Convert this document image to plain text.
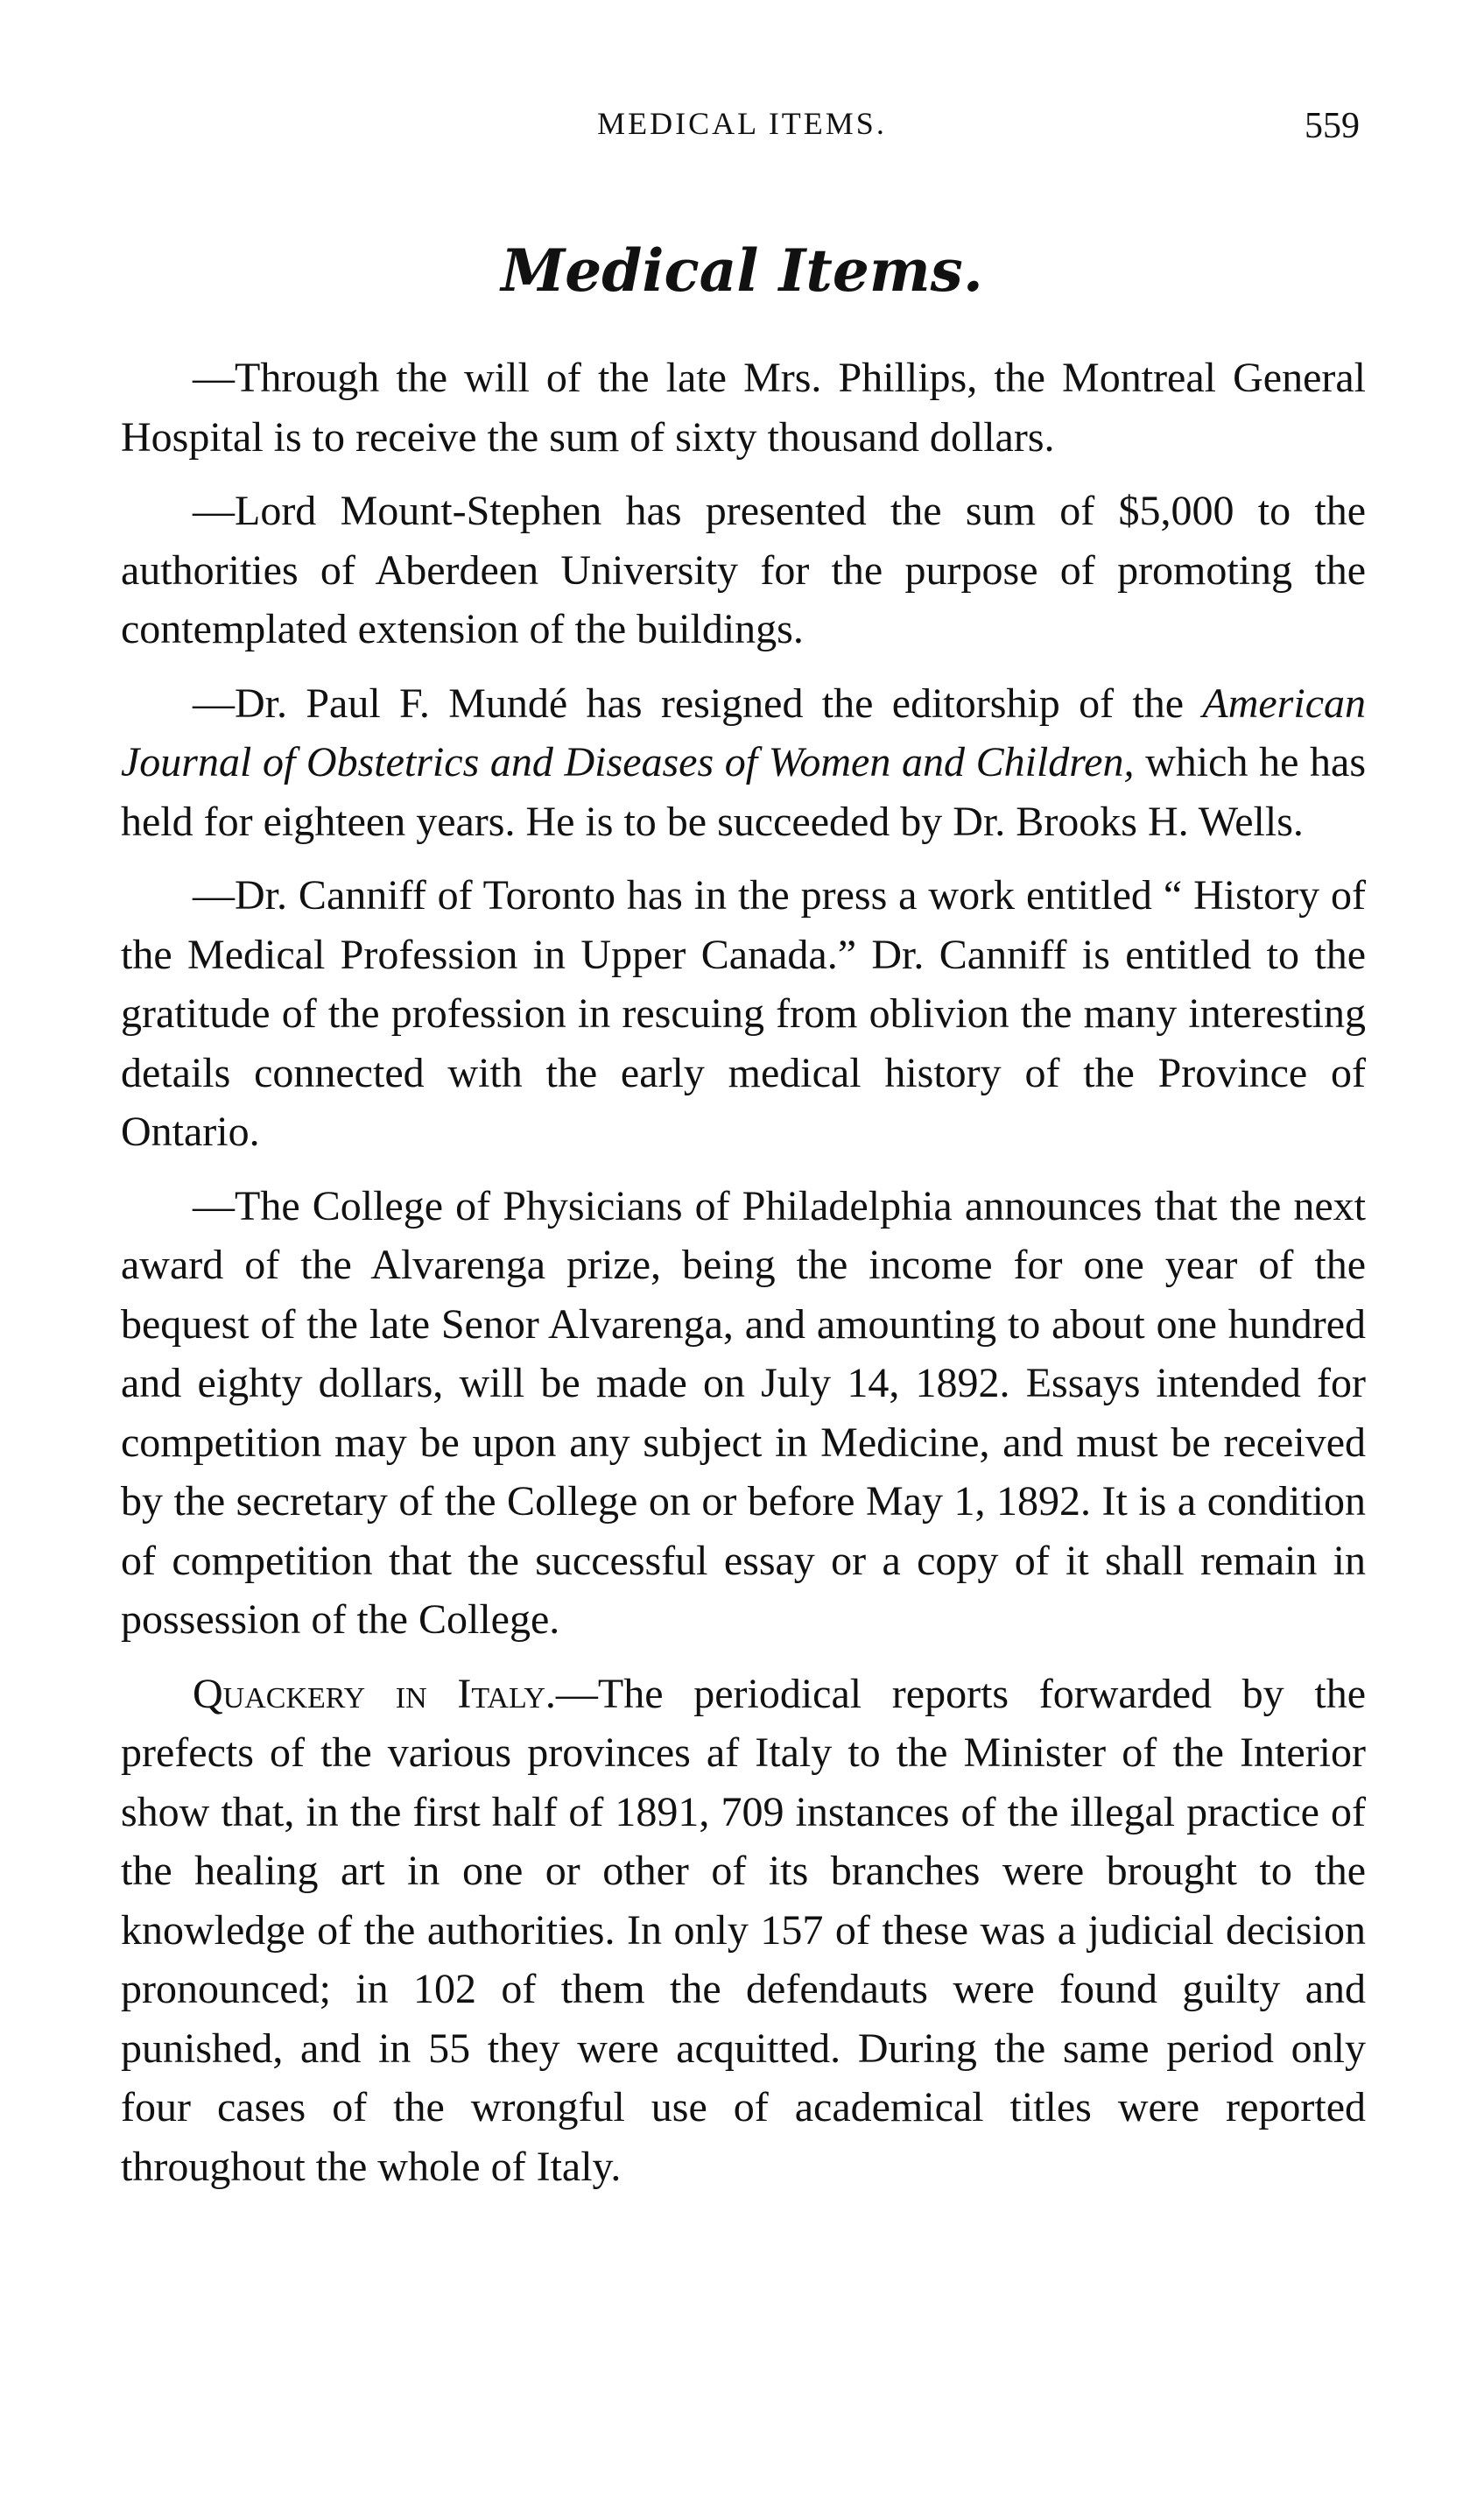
MEDICAL ITEMS.	559
Medical Items.

—Through the will of the late Mrs. Phillips, the Montreal General Hospital is to receive the sum of sixty thousand dollars.

—Lord Mount-Stephen has presented the sum of $5,000 to the authorities of Aberdeen University for the purpose of promoting the contemplated extension of the buildings.

—Dr. Paul F. Mundé has resigned the editorship of the American Journal of Obstetrics and Diseases of Women and Children, which he has held for eighteen years. He is to be succeeded by Dr. Brooks H. Wells.

—Dr. Canniff of Toronto has in the press a work entitled “ History of the Medical Profession in Upper Canada.” Dr. Canniff is entitled to the gratitude of the profession in rescuing from oblivion the many interesting details connected with the early medical history of the Province of Ontario.

—The College of Physicians of Philadelphia announces that the next award of the Alvarenga prize, being the income for one year of the bequest of the late Senor Alvarenga, and amounting to about one hundred and eighty dollars, will be made on July 14, 1892. Essays intended for competition may be upon any subject in Medicine, and must be received by the secretary of the College on or before May 1, 1892. It is a condition of competition that the successful essay or a copy of it shall remain in possession of the College.

Quackery in Italy.—The periodical reports forwarded by the prefects of the various provinces af Italy to the Minister of the Interior show that, in the first half of 1891, 709 instances of the illegal practice of the healing art in one or other of its branches were brought to the knowledge of the authorities. In only 157 of these was a judicial decision pronounced; in 102 of them the defendauts were found guilty and punished, and in 55 they were acquitted. During the same period only four cases of the wrongful use of academical titles were reported throughout the whole of Italy.
